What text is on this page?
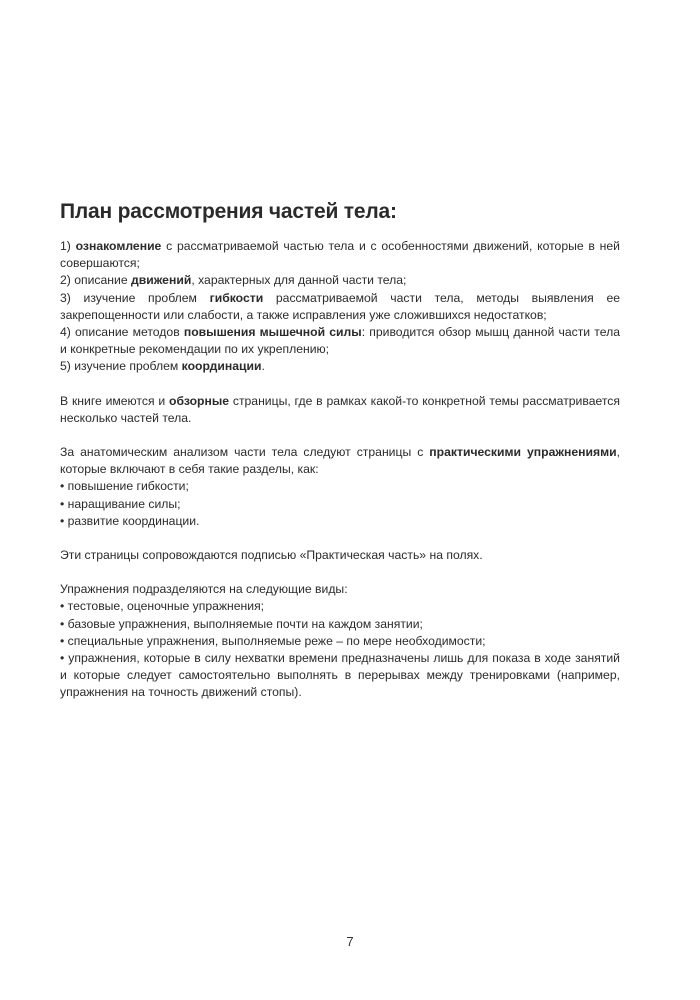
План рассмотрения частей тела:

1) ознакомление с рассматриваемой частью тела и с особенностями движений, которые в ней совершаются;
2) описание движений, характерных для данной части тела;
3) изучение проблем гибкости рассматриваемой части тела, методы выявления ее закрепощенности или слабости, а также исправления уже сложившихся недостатков;
4) описание методов повышения мышечной силы: приводится обзор мышц данной части тела и конкретные рекомендации по их укреплению;
5) изучение проблем координации.

В книге имеются и обзорные страницы, где в рамках какой-то конкретной темы рассматривается несколько частей тела.

За анатомическим анализом части тела следуют страницы с практическими упражнениями, которые включают в себя такие разделы, как:
• повышение гибкости;
• наращивание силы;
• развитие координации.

Эти страницы сопровождаются подписью «Практическая часть» на полях.

Упражнения подразделяются на следующие виды:
• тестовые, оценочные упражнения;
• базовые упражнения, выполняемые почти на каждом занятии;
• специальные упражнения, выполняемые реже – по мере необходимости;
• упражнения, которые в силу нехватки времени предназначены лишь для показа в ходе занятий и которые следует самостоятельно выполнять в перерывах между тренировками (например, упражнения на точность движений стопы).

7
